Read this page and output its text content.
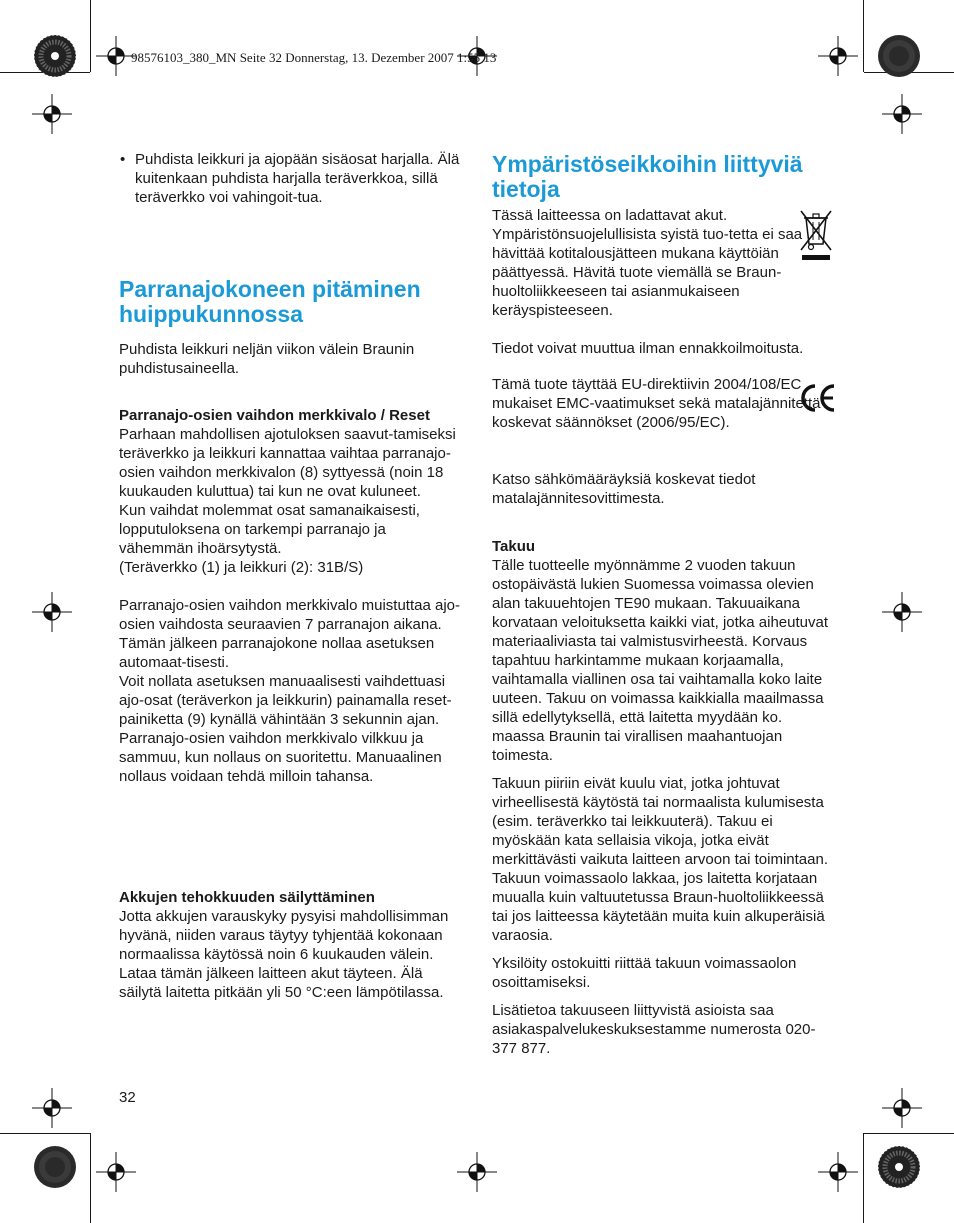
98576103_380_MN Seite 32 Donnerstag, 13. Dezember 2007 1:55 13
• Puhdista leikkuri ja ajopään sisäosat harjalla. Älä kuitenkaan puhdista harjalla teräverkkoa, sillä teräverkko voi vahingoit-tua.
Parranajokoneen pitäminen huippukunnossa

Puhdista leikkuri neljän viikon välein Braunin puhdistusaineella.

Parranajo-osien vaihdon merkkivalo / Reset

Parhaan mahdollisen ajotuloksen saavut-tamiseksi teräverkko ja leikkuri kannattaa vaihtaa parranajo-osien vaihdon merkkivalon (8) syttyessä (noin 18 kuukauden kuluttua) tai kun ne ovat kuluneet.

Kun vaihdat molemmat osat samanaikaisesti, lopputuloksena on tarkempi parranajo ja vähemmän ihoärsytystä.

(Teräverkko (1) ja leikkuri (2): 31B/S)

Parranajo-osien vaihdon merkkivalo muistuttaa ajo-osien vaihdosta seuraavien 7 parranajon aikana. Tämän jälkeen parranajokone nollaa asetuksen automaat-tisesti.

Voit nollata asetuksen manuaalisesti vaihdettuasi ajo-osat (teräverkon ja leikkurin) painamalla reset-painiketta (9) kynällä vähintään 3 sekunnin ajan. Parranajo-osien vaihdon merkkivalo vilkkuu ja sammuu, kun nollaus on suoritettu. Manuaalinen nollaus voidaan tehdä milloin tahansa.

Akkujen tehokkuuden säilyttäminen

Jotta akkujen varauskyky pysyisi mahdollisimman hyvänä, niiden varaus täytyy tyhjentää kokonaan normaalissa käytössä noin 6 kuukauden välein. Lataa tämän jälkeen laitteen akut täyteen. Älä säilytä laitetta pitkään yli 50 °C:een lämpötilassa.

Ympäristöseikkoihin liittyviä tietoja

Tässä laitteessa on ladattavat akut. Ympäristönsuojelullisista syistä tuo-tetta ei saa hävittää kotitalousjätteen mukana käyttöiän päättyessä. Hävitä tuote viemällä se Braun-huoltoliikkeeseen tai asianmukaiseen keräyspisteeseen.

Tiedot voivat muuttua ilman ennakkoilmoitusta.

Tämä tuote täyttää EU-direktiivin 2004/108/EC mukaiset EMC-vaatimukset sekä matalajännitettä koskevat säännökset (2006/95/EC).

Katso sähkömääräyksiä koskevat tiedot matalajännitesovittimesta.

Takuu

Tälle tuotteelle myönnämme 2 vuoden takuun ostopäivästä lukien Suomessa voimassa olevien alan takuuehtojen TE90 mukaan. Takuuaikana korvataan veloituksetta kaikki viat, jotka aiheutuvat materiaaliviasta tai valmistusvirheestä. Korvaus tapahtuu harkintamme mukaan korjaamalla, vaihtamalla viallinen osa tai vaihtamalla koko laite uuteen. Takuu on voimassa kaikkialla maailmassa sillä edellytyksellä, että laitetta myydään ko. maassa Braunin tai virallisen maahantuojan toimesta.

Takuun piiriin eivät kuulu viat, jotka johtuvat virheellisestä käytöstä tai normaalista kulumisesta (esim. teräverkko tai leikkuuterä). Takuu ei myöskään kata sellaisia vikoja, jotka eivät merkittävästi vaikuta laitteen arvoon tai toimintaan. Takuun voimassaolo lakkaa, jos laitetta korjataan muualla kuin valtuutetussa Braun-huoltoliikkeessä tai jos laitteessa käytetään muita kuin alkuperäisiä varaosia.

Yksilöity ostokuitti riittää takuun voimassaolon osoittamiseksi.

Lisätietoa takuuseen liittyvistä asioista saa asiakaspalvelukeskuksestamme numerosta 020-377 877.

32
